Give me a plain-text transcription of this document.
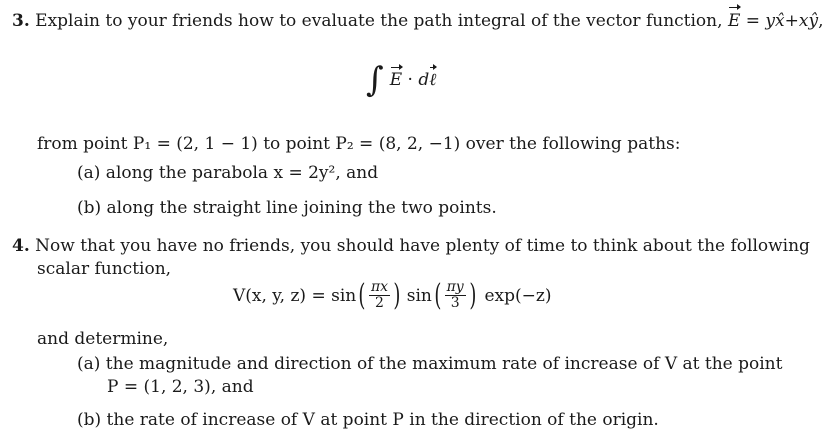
3. Explain to your friends how to evaluate the path integral of the vector function, E = yx̂+xŷ,
∫ E · dℓ
from point P₁ = (2, 1 − 1) to point P₂ = (8, 2, −1) over the following paths:
(a) along the parabola x = 2y², and
(b) along the straight line joining the two points.
4. Now that you have no friends, you should have plenty of time to think about the following
scalar function,
V(x, y, z) = sin ( $\frac{\pi x}{2}$ ) sin ( $\frac{\pi y}{3}$ ) exp(−z)
and determine,
(a) the magnitude and direction of the maximum rate of increase of V at the point
P = (1, 2, 3), and
(b) the rate of increase of V at point P in the direction of the origin.
